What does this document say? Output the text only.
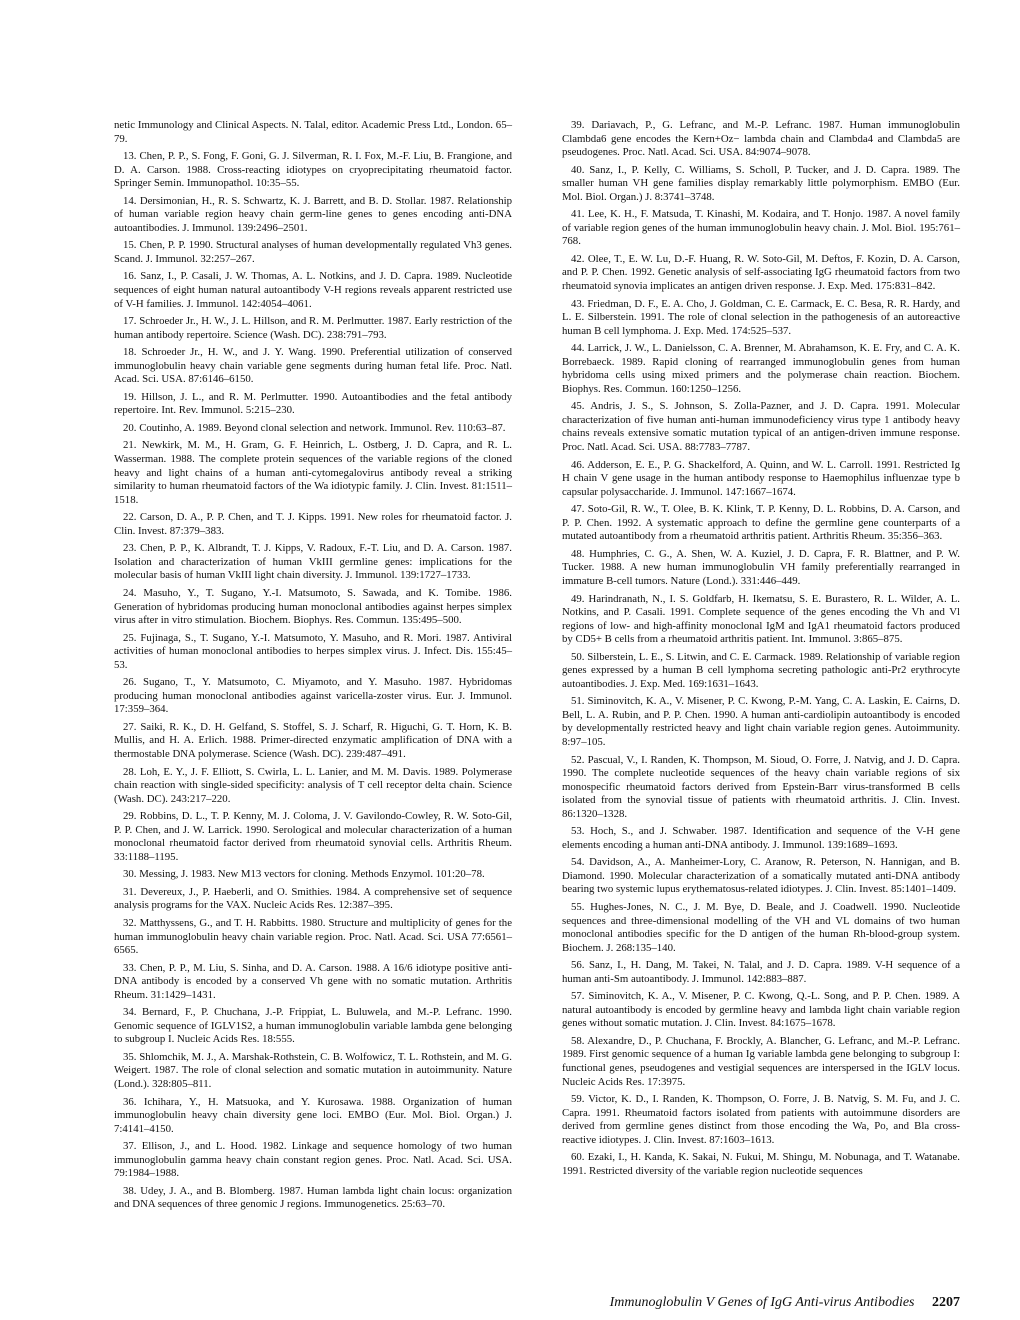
netic Immunology and Clinical Aspects. N. Talal, editor. Academic Press Ltd., London. 65–79.

13. Chen, P. P., S. Fong, F. Goni, G. J. Silverman, R. I. Fox, M.-F. Liu, B. Frangione, and D. A. Carson. 1988. Cross-reacting idiotypes on cryoprecipitating rheumatoid factor. Springer Semin. Immunopathol. 10:35–55.

14. Dersimonian, H., R. S. Schwartz, K. J. Barrett, and B. D. Stollar. 1987. Relationship of human variable region heavy chain germ-line genes to genes encoding anti-DNA autoantibodies. J. Immunol. 139:2496–2501.

15. Chen, P. P. 1990. Structural analyses of human developmentally regulated Vh3 genes. Scand. J. Immunol. 32:257–267.

16. Sanz, I., P. Casali, J. W. Thomas, A. L. Notkins, and J. D. Capra. 1989. Nucleotide sequences of eight human natural autoantibody V-H regions reveals apparent restricted use of V-H families. J. Immunol. 142:4054–4061.

17. Schroeder Jr., H. W., J. L. Hillson, and R. M. Perlmutter. 1987. Early restriction of the human antibody repertoire. Science (Wash. DC). 238:791–793.

18. Schroeder Jr., H. W., and J. Y. Wang. 1990. Preferential utilization of conserved immunoglobulin heavy chain variable gene segments during human fetal life. Proc. Natl. Acad. Sci. USA. 87:6146–6150.

19. Hillson, J. L., and R. M. Perlmutter. 1990. Autoantibodies and the fetal antibody repertoire. Int. Rev. Immunol. 5:215–230.

20. Coutinho, A. 1989. Beyond clonal selection and network. Immunol. Rev. 110:63–87.

21. Newkirk, M. M., H. Gram, G. F. Heinrich, L. Ostberg, J. D. Capra, and R. L. Wasserman. 1988. The complete protein sequences of the variable regions of the cloned heavy and light chains of a human anti-cytomegalovirus antibody reveal a striking similarity to human rheumatoid factors of the Wa idiotypic family. J. Clin. Invest. 81:1511–1518.

22. Carson, D. A., P. P. Chen, and T. J. Kipps. 1991. New roles for rheumatoid factor. J. Clin. Invest. 87:379–383.

23. Chen, P. P., K. Albrandt, T. J. Kipps, V. Radoux, F.-T. Liu, and D. A. Carson. 1987. Isolation and characterization of human VkIII germline genes: implications for the molecular basis of human VkIII light chain diversity. J. Immunol. 139:1727–1733.

24. Masuho, Y., T. Sugano, Y.-I. Matsumoto, S. Sawada, and K. Tomibe. 1986. Generation of hybridomas producing human monoclonal antibodies against herpes simplex virus after in vitro stimulation. Biochem. Biophys. Res. Commun. 135:495–500.

25. Fujinaga, S., T. Sugano, Y.-I. Matsumoto, Y. Masuho, and R. Mori. 1987. Antiviral activities of human monoclonal antibodies to herpes simplex virus. J. Infect. Dis. 155:45–53.

26. Sugano, T., Y. Matsumoto, C. Miyamoto, and Y. Masuho. 1987. Hybridomas producing human monoclonal antibodies against varicella-zoster virus. Eur. J. Immunol. 17:359–364.

27. Saiki, R. K., D. H. Gelfand, S. Stoffel, S. J. Scharf, R. Higuchi, G. T. Horn, K. B. Mullis, and H. A. Erlich. 1988. Primer-directed enzymatic amplification of DNA with a thermostable DNA polymerase. Science (Wash. DC). 239:487–491.

28. Loh, E. Y., J. F. Elliott, S. Cwirla, L. L. Lanier, and M. M. Davis. 1989. Polymerase chain reaction with single-sided specificity: analysis of T cell receptor delta chain. Science (Wash. DC). 243:217–220.

29. Robbins, D. L., T. P. Kenny, M. J. Coloma, J. V. Gavilondo-Cowley, R. W. Soto-Gil, P. P. Chen, and J. W. Larrick. 1990. Serological and molecular characterization of a human monoclonal rheumatoid factor derived from rheumatoid synovial cells. Arthritis Rheum. 33:1188–1195.

30. Messing, J. 1983. New M13 vectors for cloning. Methods Enzymol. 101:20–78.

31. Devereux, J., P. Haeberli, and O. Smithies. 1984. A comprehensive set of sequence analysis programs for the VAX. Nucleic Acids Res. 12:387–395.

32. Matthyssens, G., and T. H. Rabbitts. 1980. Structure and multiplicity of genes for the human immunoglobulin heavy chain variable region. Proc. Natl. Acad. Sci. USA 77:6561–6565.

33. Chen, P. P., M. Liu, S. Sinha, and D. A. Carson. 1988. A 16/6 idiotype positive anti-DNA antibody is encoded by a conserved Vh gene with no somatic mutation. Arthritis Rheum. 31:1429–1431.

34. Bernard, F., P. Chuchana, J.-P. Frippiat, L. Buluwela, and M.-P. Lefranc. 1990. Genomic sequence of IGLV1S2, a human immunoglobulin variable lambda gene belonging to subgroup I. Nucleic Acids Res. 18:555.

35. Shlomchik, M. J., A. Marshak-Rothstein, C. B. Wolfowicz, T. L. Rothstein, and M. G. Weigert. 1987. The role of clonal selection and somatic mutation in autoimmunity. Nature (Lond.). 328:805–811.

36. Ichihara, Y., H. Matsuoka, and Y. Kurosawa. 1988. Organization of human immunoglobulin heavy chain diversity gene loci. EMBO (Eur. Mol. Biol. Organ.) J. 7:4141–4150.

37. Ellison, J., and L. Hood. 1982. Linkage and sequence homology of two human immunoglobulin gamma heavy chain constant region genes. Proc. Natl. Acad. Sci. USA. 79:1984–1988.

38. Udey, J. A., and B. Blomberg. 1987. Human lambda light chain locus: organization and DNA sequences of three genomic J regions. Immunogenetics. 25:63–70.

39. Dariavach, P., G. Lefranc, and M.-P. Lefranc. 1987. Human immunoglobulin Clambda6 gene encodes the Kern+Oz− lambda chain and Clambda4 and Clambda5 are pseudogenes. Proc. Natl. Acad. Sci. USA. 84:9074–9078.

40. Sanz, I., P. Kelly, C. Williams, S. Scholl, P. Tucker, and J. D. Capra. 1989. The smaller human VH gene families display remarkably little polymorphism. EMBO (Eur. Mol. Biol. Organ.) J. 8:3741–3748.

41. Lee, K. H., F. Matsuda, T. Kinashi, M. Kodaira, and T. Honjo. 1987. A novel family of variable region genes of the human immunoglobulin heavy chain. J. Mol. Biol. 195:761–768.

42. Olee, T., E. W. Lu, D.-F. Huang, R. W. Soto-Gil, M. Deftos, F. Kozin, D. A. Carson, and P. P. Chen. 1992. Genetic analysis of self-associating IgG rheumatoid factors from two rheumatoid synovia implicates an antigen driven response. J. Exp. Med. 175:831–842.

43. Friedman, D. F., E. A. Cho, J. Goldman, C. E. Carmack, E. C. Besa, R. R. Hardy, and L. E. Silberstein. 1991. The role of clonal selection in the pathogenesis of an autoreactive human B cell lymphoma. J. Exp. Med. 174:525–537.

44. Larrick, J. W., L. Danielsson, C. A. Brenner, M. Abrahamson, K. E. Fry, and C. A. K. Borrebaeck. 1989. Rapid cloning of rearranged immunoglobulin genes from human hybridoma cells using mixed primers and the polymerase chain reaction. Biochem. Biophys. Res. Commun. 160:1250–1256.

45. Andris, J. S., S. Johnson, S. Zolla-Pazner, and J. D. Capra. 1991. Molecular characterization of five human anti-human immunodeficiency virus type 1 antibody heavy chains reveals extensive somatic mutation typical of an antigen-driven immune response. Proc. Natl. Acad. Sci. USA. 88:7783–7787.

46. Adderson, E. E., P. G. Shackelford, A. Quinn, and W. L. Carroll. 1991. Restricted Ig H chain V gene usage in the human antibody response to Haemophilus influenzae type b capsular polysaccharide. J. Immunol. 147:1667–1674.

47. Soto-Gil, R. W., T. Olee, B. K. Klink, T. P. Kenny, D. L. Robbins, D. A. Carson, and P. P. Chen. 1992. A systematic approach to define the germline gene counterparts of a mutated autoantibody from a rheumatoid arthritis patient. Arthritis Rheum. 35:356–363.

48. Humphries, C. G., A. Shen, W. A. Kuziel, J. D. Capra, F. R. Blattner, and P. W. Tucker. 1988. A new human immunoglobulin VH family preferentially rearranged in immature B-cell tumors. Nature (Lond.). 331:446–449.

49. Harindranath, N., I. S. Goldfarb, H. Ikematsu, S. E. Burastero, R. L. Wilder, A. L. Notkins, and P. Casali. 1991. Complete sequence of the genes encoding the Vh and Vl regions of low- and high-affinity monoclonal IgM and IgA1 rheumatoid factors produced by CD5+ B cells from a rheumatoid arthritis patient. Int. Immunol. 3:865–875.

50. Silberstein, L. E., S. Litwin, and C. E. Carmack. 1989. Relationship of variable region genes expressed by a human B cell lymphoma secreting pathologic anti-Pr2 erythrocyte autoantibodies. J. Exp. Med. 169:1631–1643.

51. Siminovitch, K. A., V. Misener, P. C. Kwong, P.-M. Yang, C. A. Laskin, E. Cairns, D. Bell, L. A. Rubin, and P. P. Chen. 1990. A human anti-cardiolipin autoantibody is encoded by developmentally restricted heavy and light chain variable region genes. Autoimmunity. 8:97–105.

52. Pascual, V., I. Randen, K. Thompson, M. Sioud, O. Forre, J. Natvig, and J. D. Capra. 1990. The complete nucleotide sequences of the heavy chain variable regions of six monospecific rheumatoid factors derived from Epstein-Barr virus-transformed B cells isolated from the synovial tissue of patients with rheumatoid arthritis. J. Clin. Invest. 86:1320–1328.

53. Hoch, S., and J. Schwaber. 1987. Identification and sequence of the V-H gene elements encoding a human anti-DNA antibody. J. Immunol. 139:1689–1693.

54. Davidson, A., A. Manheimer-Lory, C. Aranow, R. Peterson, N. Hannigan, and B. Diamond. 1990. Molecular characterization of a somatically mutated anti-DNA antibody bearing two systemic lupus erythematosus-related idiotypes. J. Clin. Invest. 85:1401–1409.

55. Hughes-Jones, N. C., J. M. Bye, D. Beale, and J. Coadwell. 1990. Nucleotide sequences and three-dimensional modelling of the VH and VL domains of two human monoclonal antibodies specific for the D antigen of the human Rh-blood-group system. Biochem. J. 268:135–140.

56. Sanz, I., H. Dang, M. Takei, N. Talal, and J. D. Capra. 1989. V-H sequence of a human anti-Sm autoantibody. J. Immunol. 142:883–887.

57. Siminovitch, K. A., V. Misener, P. C. Kwong, Q.-L. Song, and P. P. Chen. 1989. A natural autoantibody is encoded by germline heavy and lambda light chain variable region genes without somatic mutation. J. Clin. Invest. 84:1675–1678.

58. Alexandre, D., P. Chuchana, F. Brockly, A. Blancher, G. Lefranc, and M.-P. Lefranc. 1989. First genomic sequence of a human Ig variable lambda gene belonging to subgroup I: functional genes, pseudogenes and vestigial sequences are interspersed in the IGLV locus. Nucleic Acids Res. 17:3975.

59. Victor, K. D., I. Randen, K. Thompson, O. Forre, J. B. Natvig, S. M. Fu, and J. C. Capra. 1991. Rheumatoid factors isolated from patients with autoimmune disorders are derived from germline genes distinct from those encoding the Wa, Po, and Bla cross-reactive idiotypes. J. Clin. Invest. 87:1603–1613.

60. Ezaki, I., H. Kanda, K. Sakai, N. Fukui, M. Shingu, M. Nobunaga, and T. Watanabe. 1991. Restricted diversity of the variable region nucleotide sequences

Immunoglobulin V Genes of IgG Anti-virus Antibodies 2207
